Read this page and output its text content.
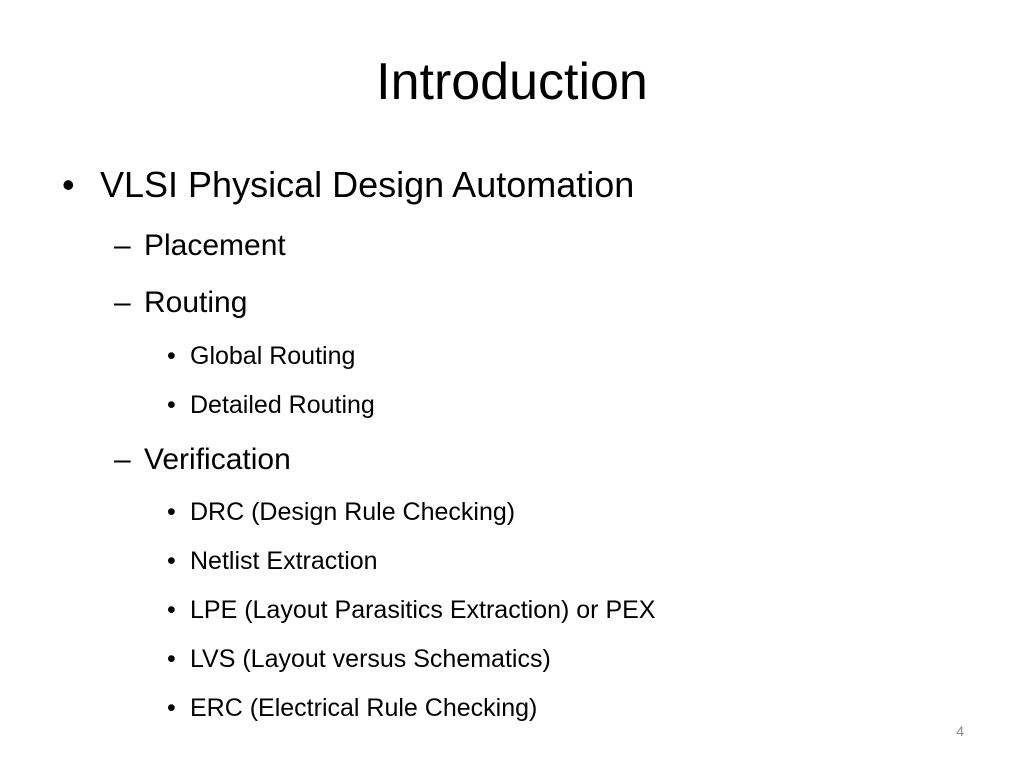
Introduction
• VLSI Physical Design Automation
– Placement
– Routing
• Global Routing
• Detailed Routing
– Verification
• DRC (Design Rule Checking)
• Netlist Extraction
• LPE (Layout Parasitics Extraction) or PEX
• LVS (Layout versus Schematics)
• ERC (Electrical Rule Checking)
4
